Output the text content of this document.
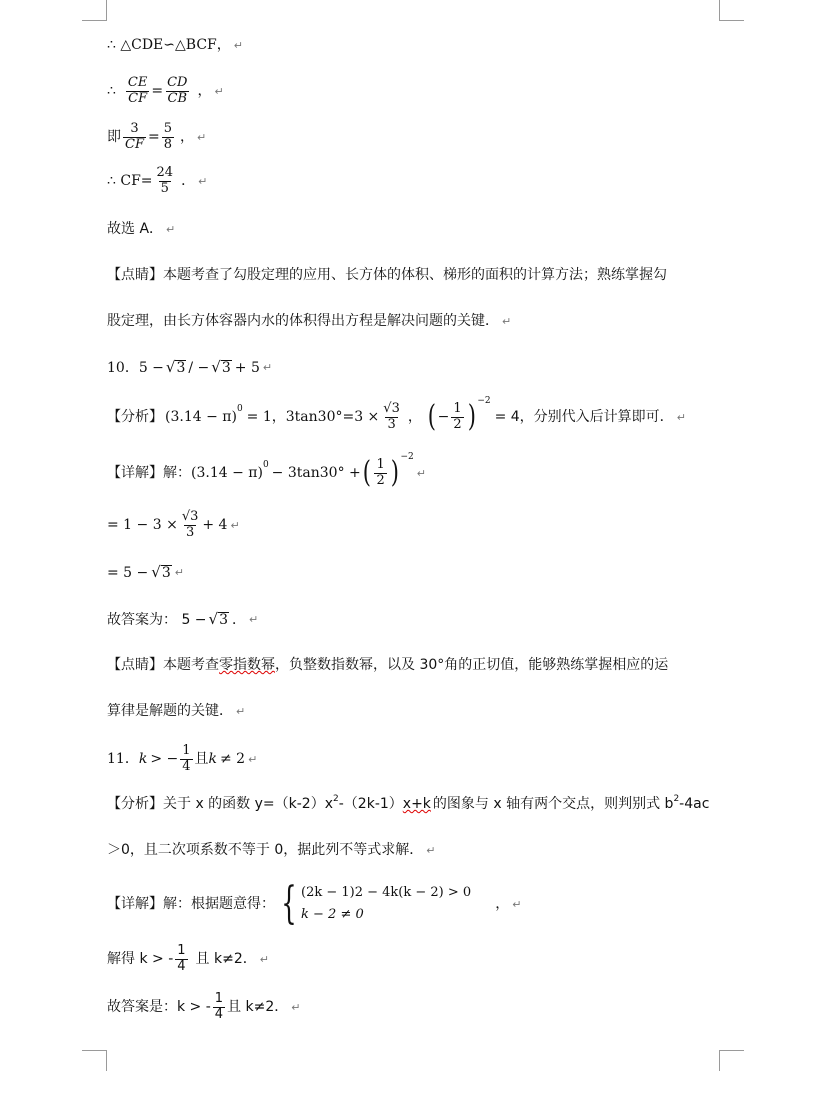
∴ △CDE∽△BCF， ↵
∴ $\frac{CE}{CF} = \frac{CD}{CB}$ ， ↵
即 $\frac{3}{CF} = \frac{5}{8}$ ， ↵
∴ $CF= \frac{24}{5}$ ． ↵
故选 A． ↵
【点睛】本题考查了勾股定理的应用、长方体的体积、梯形的面积的计算方法；熟练掌握勾
股定理，由长方体容器内水的体积得出方程是解决问题的关键． ↵
10．5 − √ 3 / − √ 3 + 5 ↵
【分析】 (3.14 − π)
0
= 1，$3\tan 30^\circ=3 \times \frac{√3}{3}$ ， ( − $\frac{1}{2}$ ) −2
= 4，分别代入后计算即可． ↵
【详解】解： (3.14 − π)
0
− 3tan30° + ( $\frac{1}{2}$ ) −2
↵
= $1 - 3 \times \frac{√3}{3} + 4$ ↵
= 5 − √ 3 ↵
故答案为： 5 − √ 3 ． ↵
【点睛】本题考查 零指数幂 ，负整数指数幂，以及 30°角的正切值，能够熟练掌握相应的运
算律是解题的关键． ↵
11． k > − $\frac{1}{4}$ 且 k ≠ 2 ↵
【分析】关于 x 的函数 y=（k-2）x 2 -（2k-1） x+k 的图象与 x 轴有两个交点，则判别式 b 2 -4ac
＞0，且二次项系数不等于 0，据此列不等式求解． ↵
【详解】解：根据题意得： { (2k − 1)2 − 4k(k − 2) > 0
k − 2 ≠ 0
， ↵
解得 k > - $\frac{1}{4}$ 且 k≠2． ↵
故答案是：k > - $\frac{1}{4}$ 且 k≠2． ↵
